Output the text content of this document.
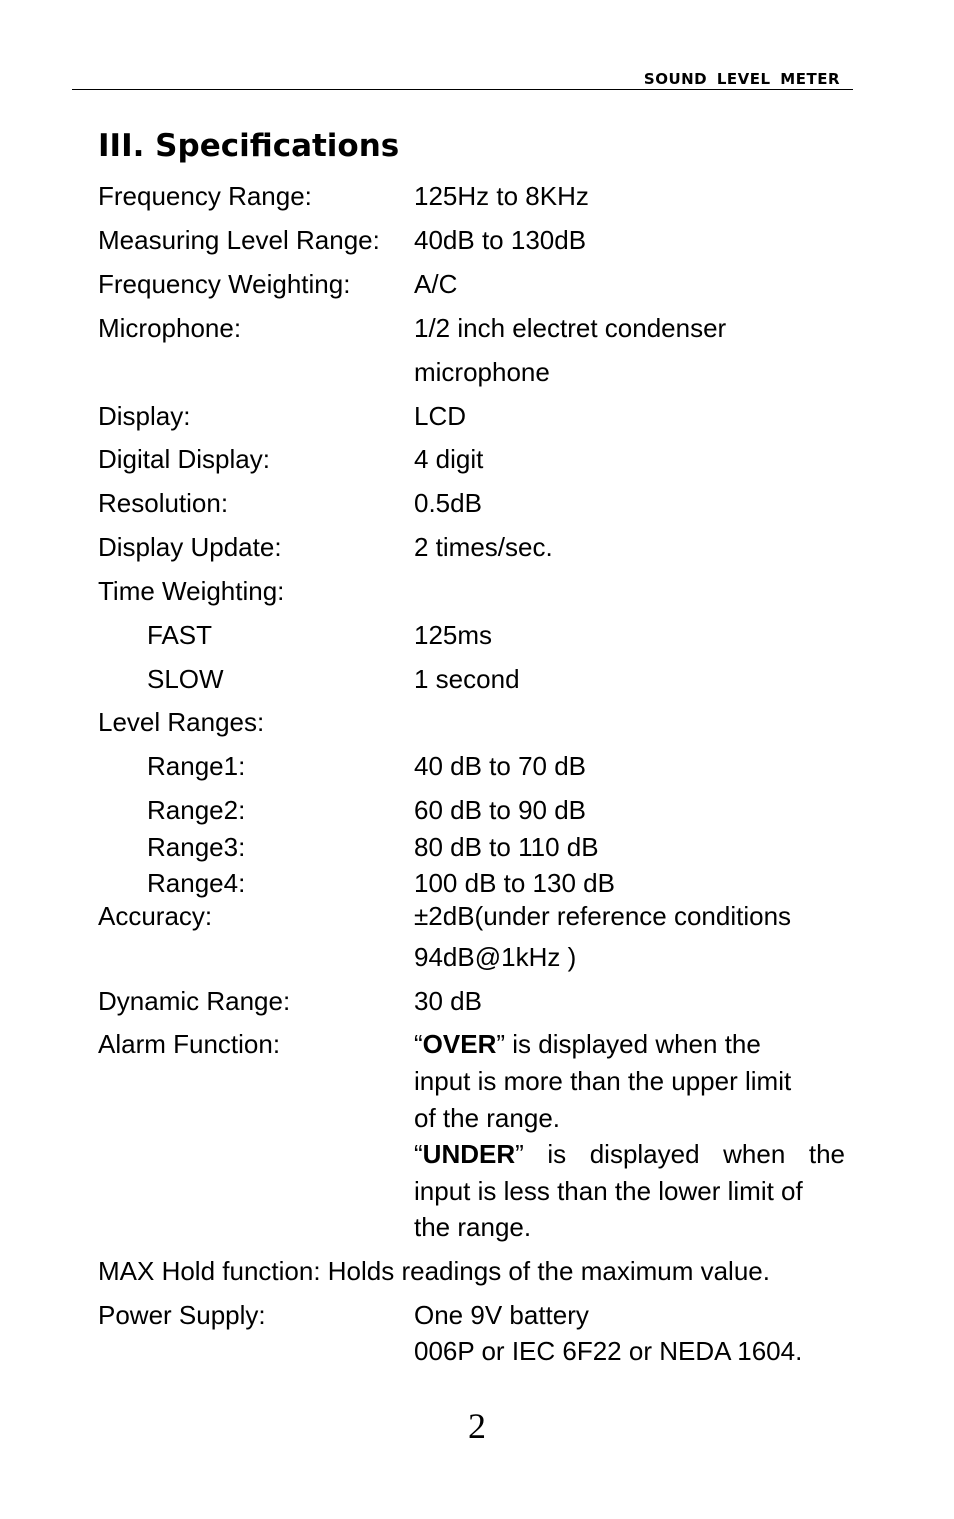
SOUND LEVEL METER
III. Specifications
Frequency Range:	125Hz to 8KHz
Measuring Level Range: 40dB to 130dB
Frequency Weighting: A/C
Microphone:	1/2 inch electret condenser
microphone
Display:	LCD
Digital Display:	4 digit
Resolution:	0.5dB
Display Update:	2 times/sec.
Time Weighting:
FAST	125ms
SLOW	1 second
Level Ranges:
Range1:	40 dB to 70 dB
Range2:	60 dB to 90 dB
Range3:	80 dB to 110 dB
Range4:	100 dB to 130 dB
Accuracy:	±2dB(under reference conditions
94dB@1kHz )
Dynamic Range:	30 dB
Alarm Function:	“OVER” is displayed when the
input is more than the upper limit
of the range.
“UNDER” is displayed when the
input is less than the lower limit of
the range.
MAX Hold function: Holds readings of the maximum value.
Power Supply:	One 9V battery
006P or IEC 6F22 or NEDA 1604.
2
